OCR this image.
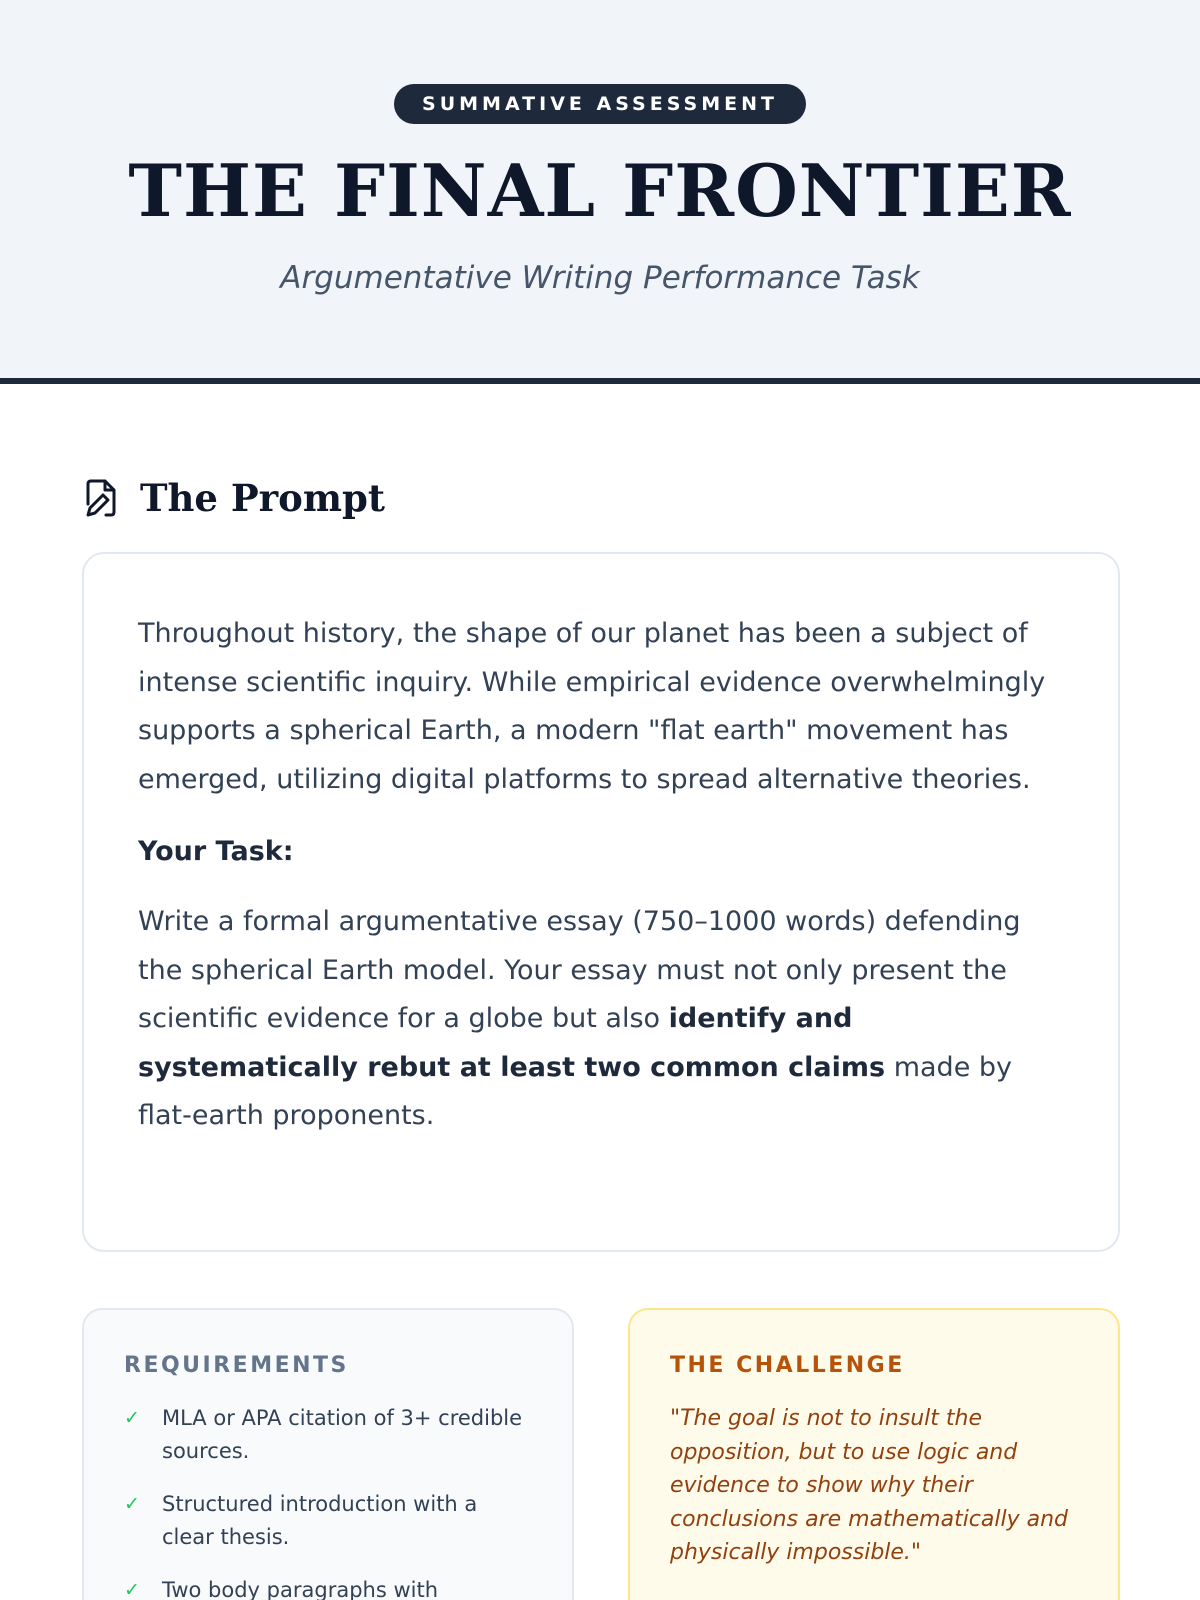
SUMMATIVE ASSESSMENT
THE FINAL FRONTIER
Argumentative Writing Performance Task
The Prompt

Throughout history, the shape of our planet has been a subject of intense scientific inquiry. While empirical evidence overwhelmingly supports a spherical Earth, a modern "flat earth" movement has emerged, utilizing digital platforms to spread alternative theories.

Your Task:

Write a formal argumentative essay (750–1000 words) defending the spherical Earth model. Your essay must not only present the scientific evidence for a globe but also identify and systematically rebut at least two common claims made by flat-earth proponents.

REQUIREMENTS
✓ MLA or APA citation of 3+ credible sources.
✓ Structured introduction with a clear thesis.
✓ Two body paragraphs with
THE CHALLENGE

"The goal is not to insult the opposition, but to use logic and evidence to show why their conclusions are mathematically and physically impossible."
